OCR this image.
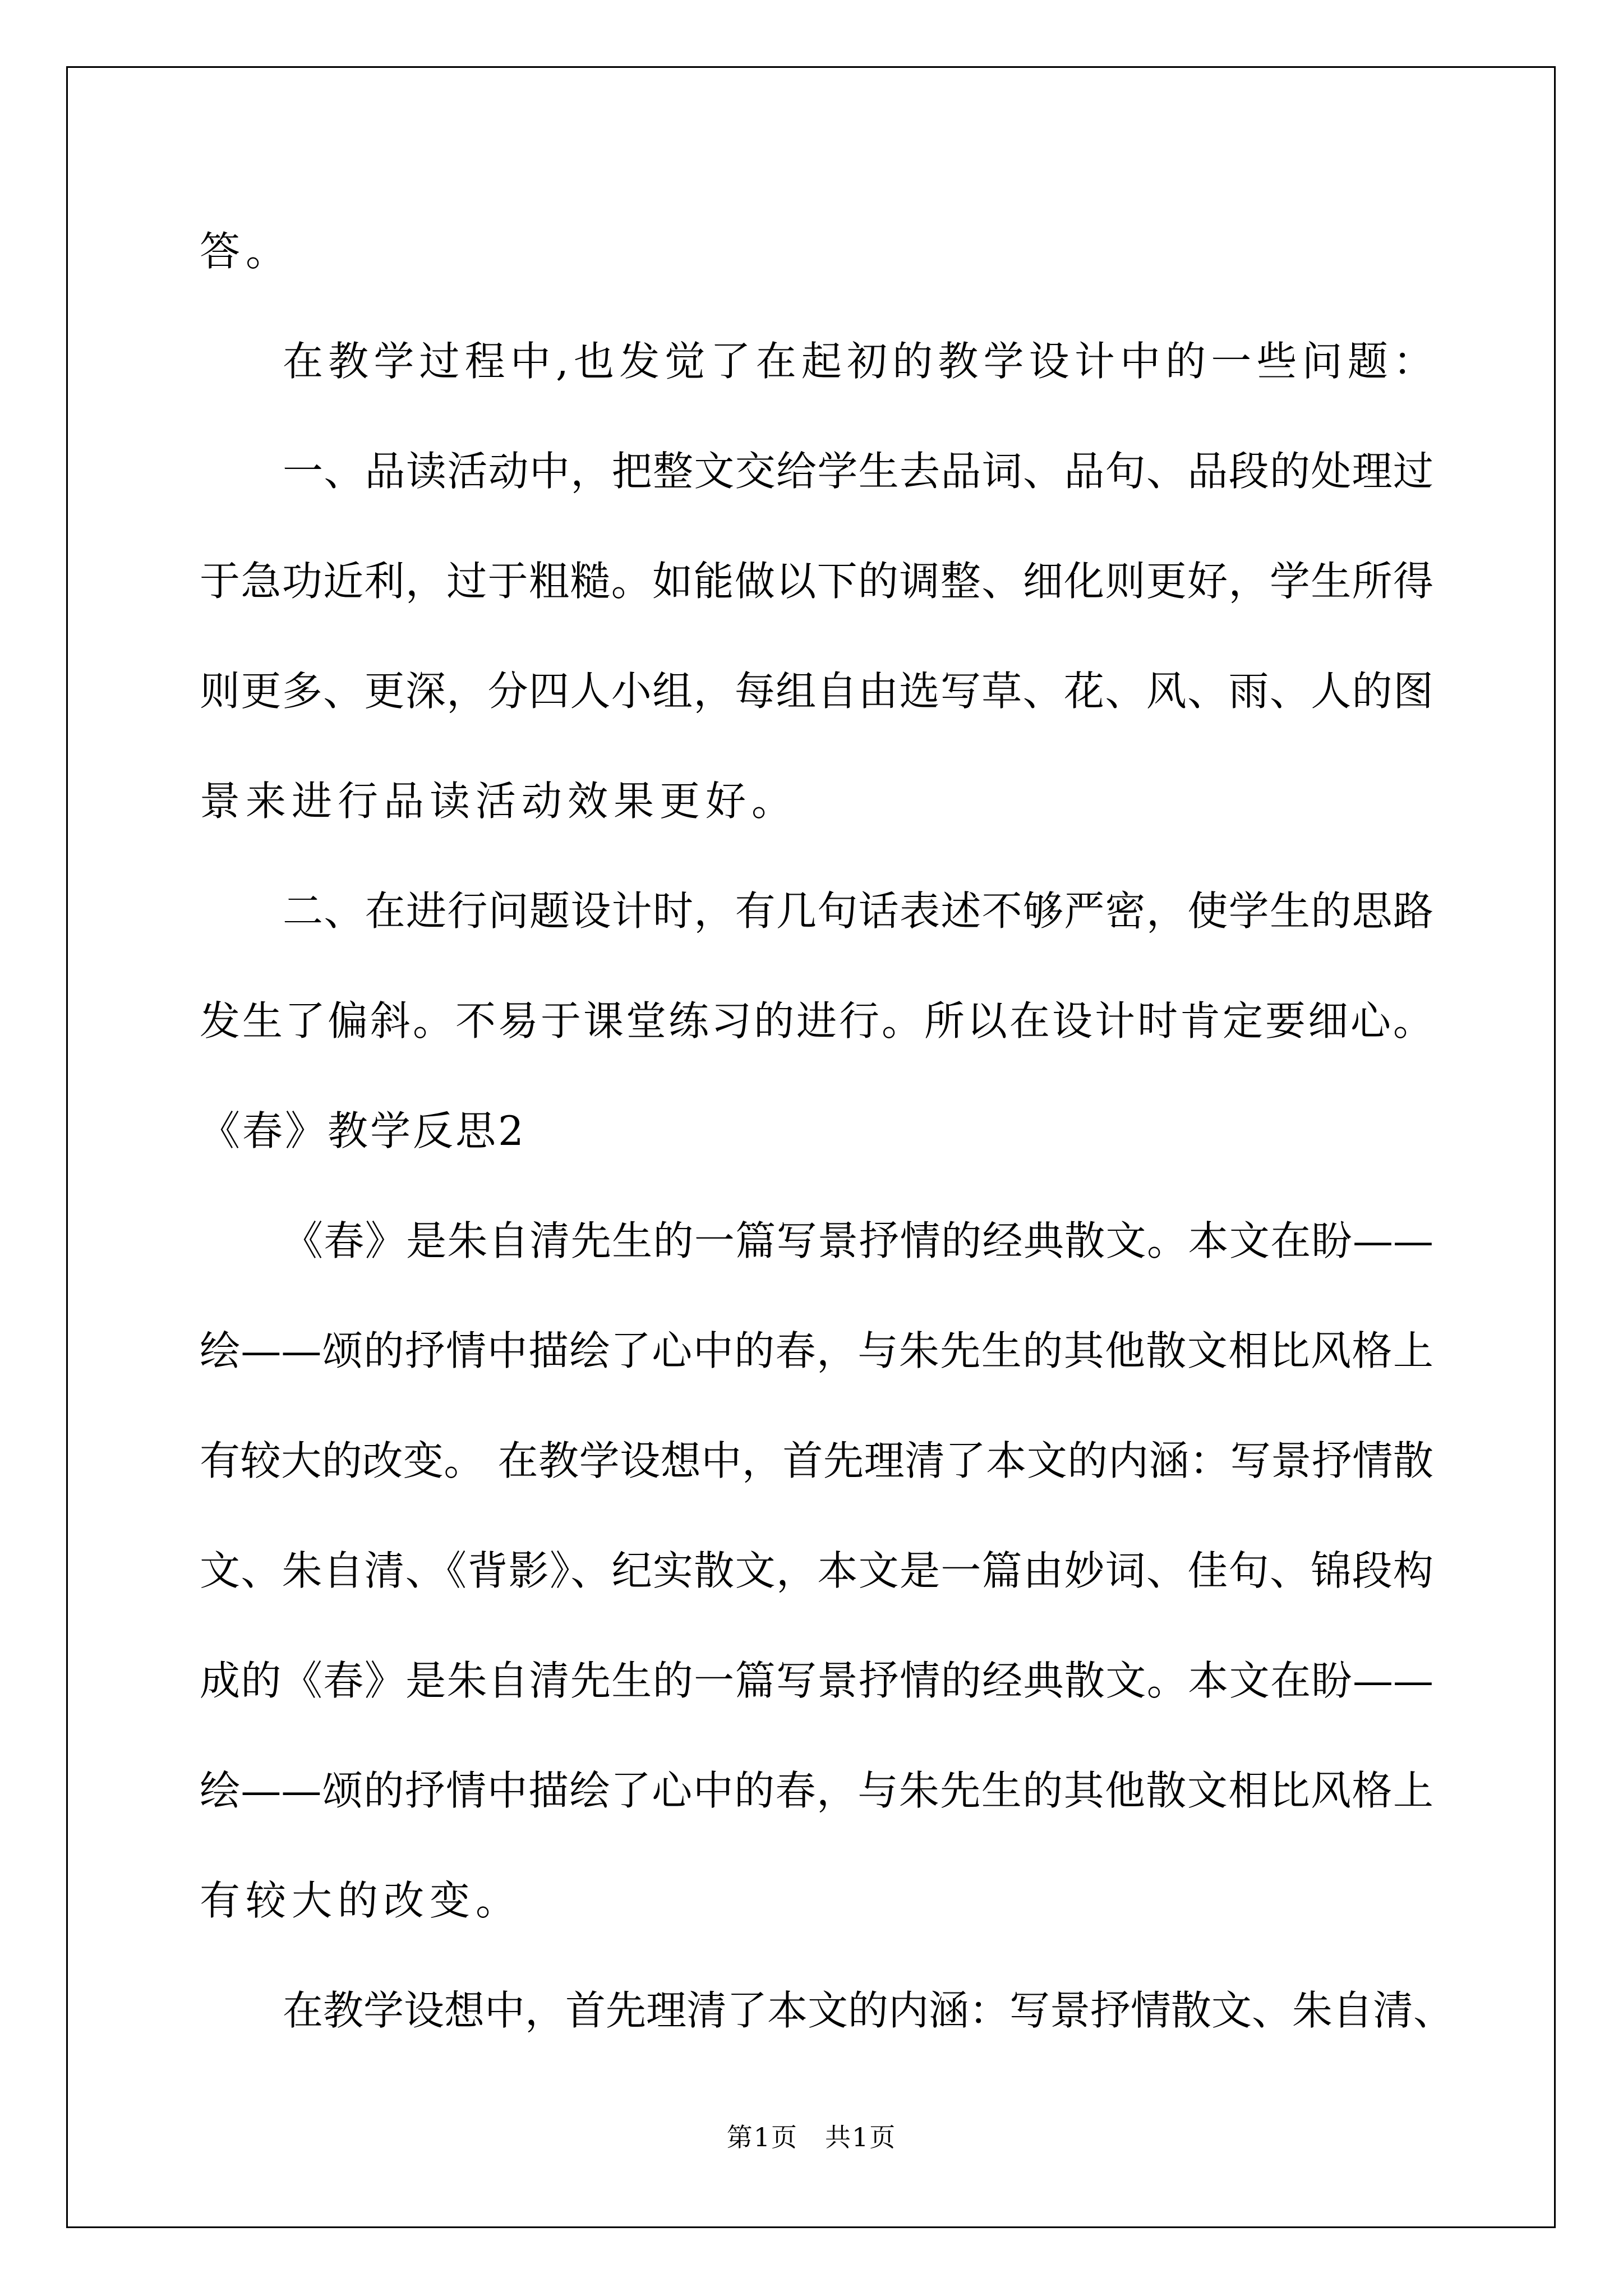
答。

在教学过程中,也发觉了在起初的教学设计中的一些问题：

一、品读活动中，把整文交给学生去品词、品句、品段的处理过

于急功近利，过于粗糙。如能做以下的调整、细化则更好，学生所得

则更多、更深，分四人小组，每组自由选写草、花、风、雨、人的图

景来进行品读活动效果更好。

二、在进行问题设计时，有几句话表述不够严密，使学生的思路

发生了偏斜。不易于课堂练习的进行。所以在设计时肯定要细心。

《春》教学反思2

《春》是朱自清先生的一篇写景抒情的经典散文。本文在盼——

绘——颂的抒情中描绘了心中的春，与朱先生的其他散文相比风格上

有较大的改变。 在教学设想中，首先理清了本文的内涵：写景抒情散

文、朱自清、《背影》、纪实散文，本文是一篇由妙词、佳句、锦段构

成的《春》是朱自清先生的一篇写景抒情的经典散文。本文在盼——

绘——颂的抒情中描绘了心中的春，与朱先生的其他散文相比风格上

有较大的改变。

在教学设想中，首先理清了本文的内涵：写景抒情散文、朱自清、

第1页　共1页
